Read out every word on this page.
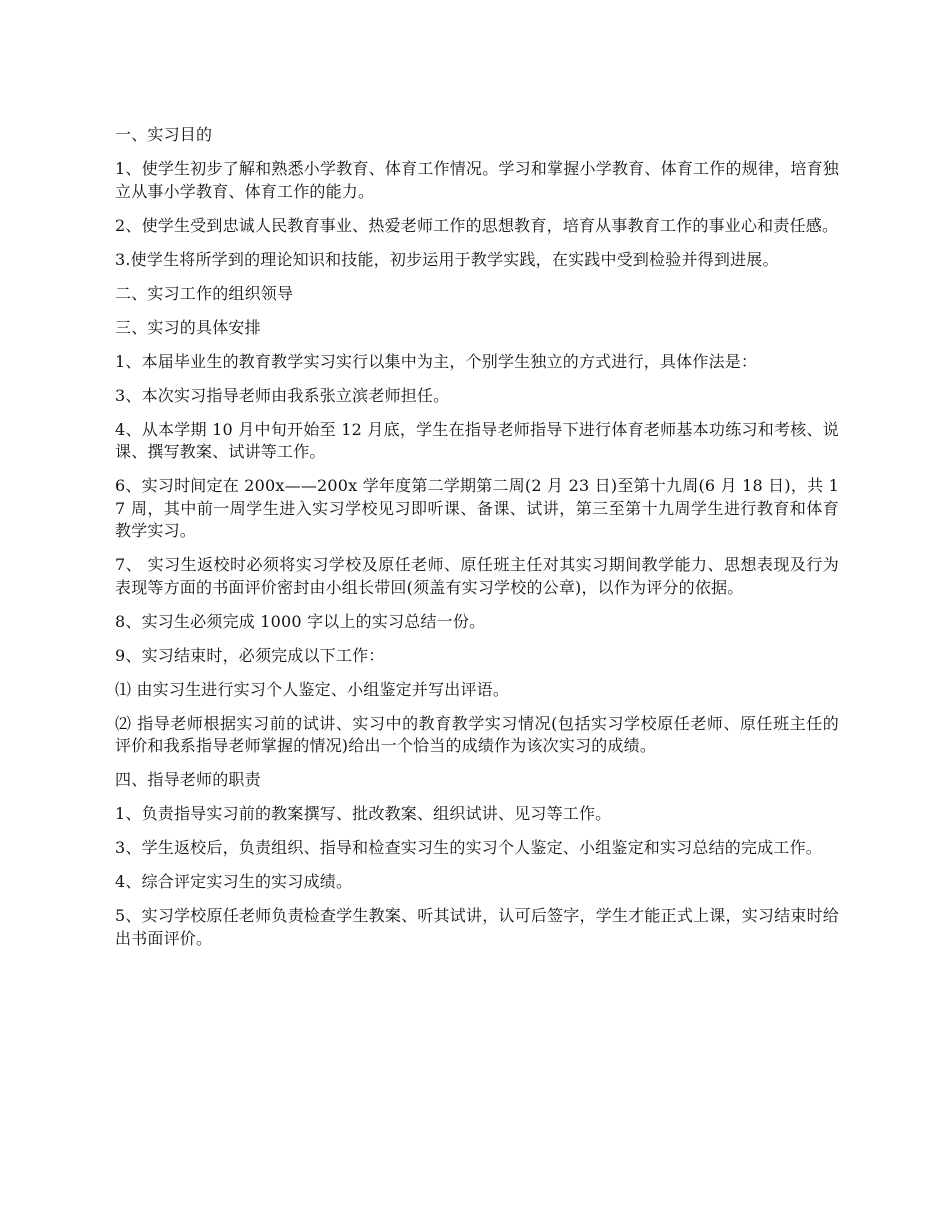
一、实习目的

1、使学生初步了解和熟悉小学教育、体育工作情况。学习和掌握小学教育、体育工作的规律，培育独立从事小学教育、体育工作的能力。

2、使学生受到忠诚人民教育事业、热爱老师工作的思想教育，培育从事教育工作的事业心和责任感。

3.使学生将所学到的理论知识和技能，初步运用于教学实践，在实践中受到检验并得到进展。

二、实习工作的组织领导

三、实习的具体安排

1、本届毕业生的教育教学实习实行以集中为主，个别学生独立的方式进行，具体作法是：

3、本次实习指导老师由我系张立滨老师担任。

4、从本学期 10 月中旬开始至 12 月底，学生在指导老师指导下进行体育老师基本功练习和考核、说课、撰写教案、试讲等工作。

6、实习时间定在 200x——200x 学年度第二学期第二周(2 月 23 日)至第十九周(6 月 18 日)，共 17 周，其中前一周学生进入实习学校见习即听课、备课、试讲，第三至第十九周学生进行教育和体育教学实习。

7、 实习生返校时必须将实习学校及原任老师、原任班主任对其实习期间教学能力、思想表现及行为表现等方面的书面评价密封由小组长带回(须盖有实习学校的公章)，以作为评分的依据。

8、实习生必须完成 1000 字以上的实习总结一份。

9、实习结束时，必须完成以下工作：

⑴ 由实习生进行实习个人鉴定、小组鉴定并写出评语。

⑵ 指导老师根据实习前的试讲、实习中的教育教学实习情况(包括实习学校原任老师、原任班主任的评价和我系指导老师掌握的情况)给出一个恰当的成绩作为该次实习的成绩。

四、指导老师的职责

1、负责指导实习前的教案撰写、批改教案、组织试讲、见习等工作。

3、学生返校后，负责组织、指导和检查实习生的实习个人鉴定、小组鉴定和实习总结的完成工作。

4、综合评定实习生的实习成绩。

5、实习学校原任老师负责检查学生教案、听其试讲，认可后签字，学生才能正式上课，实习结束时给出书面评价。
